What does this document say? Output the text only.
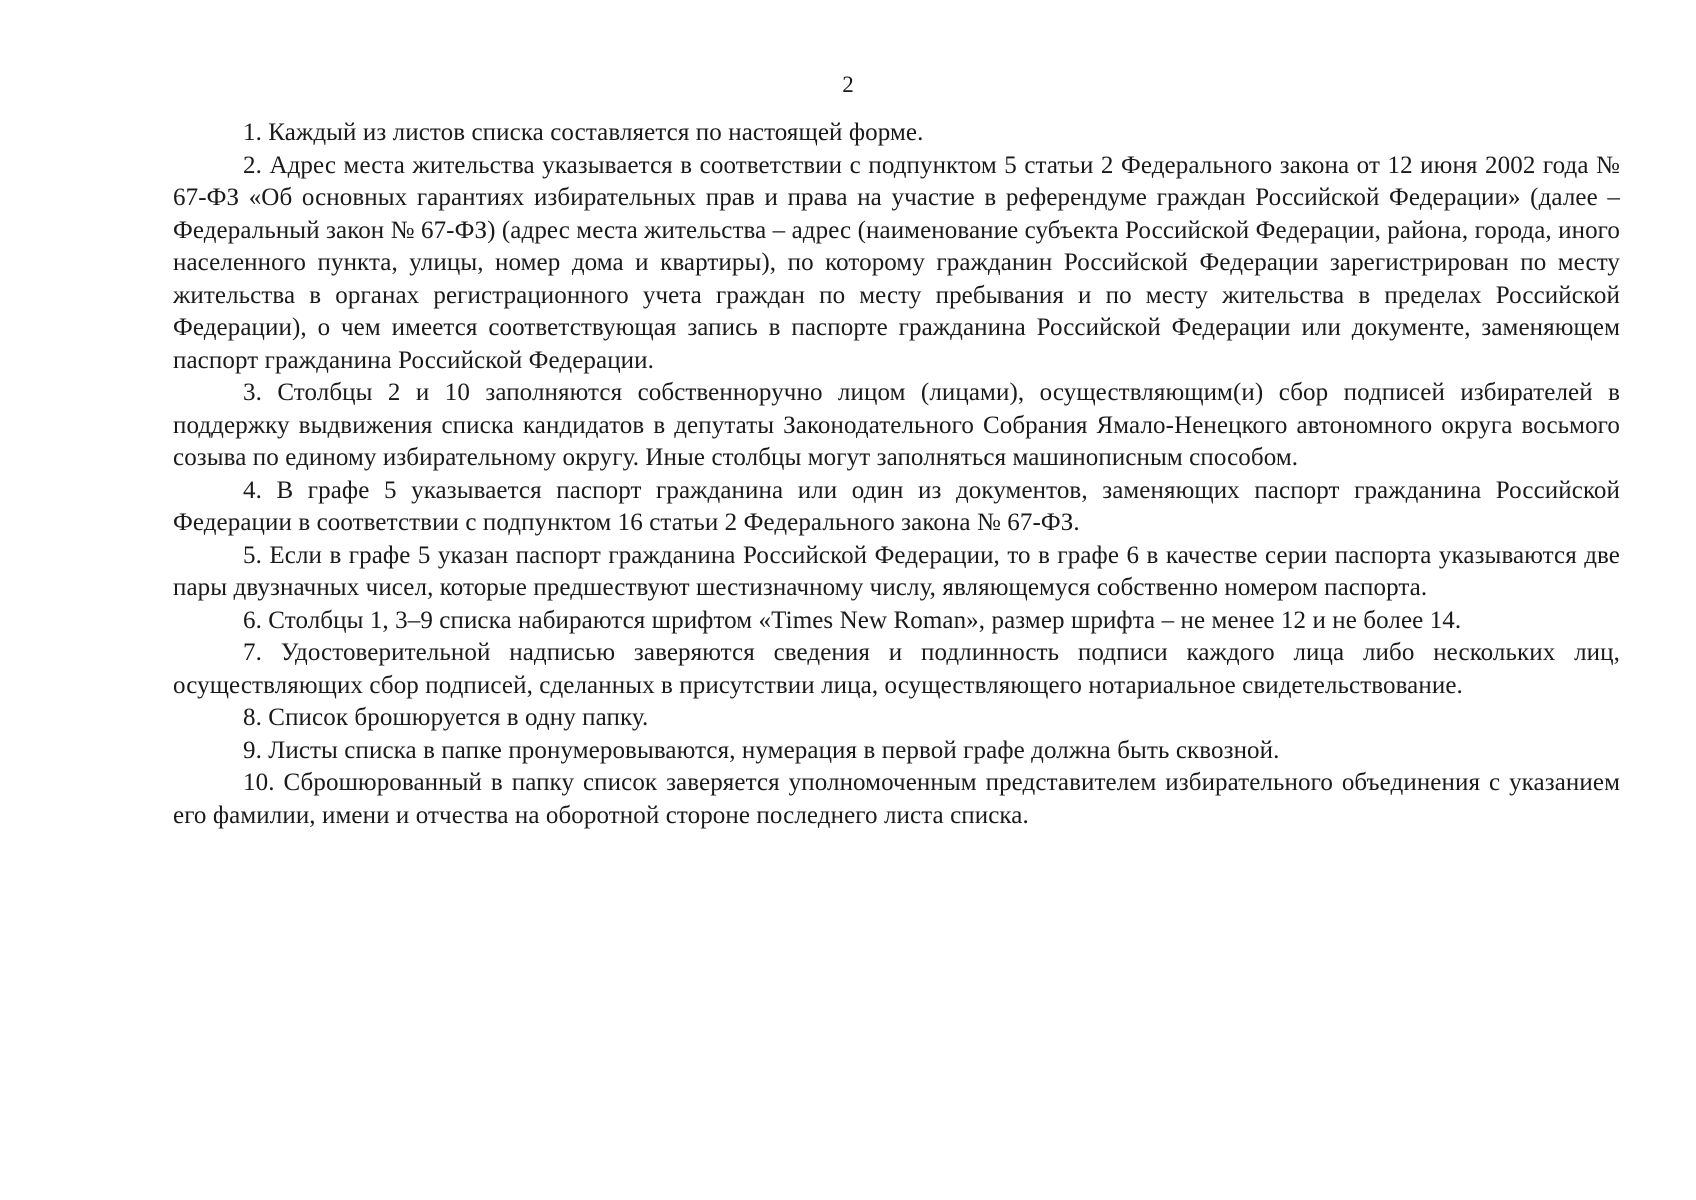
2

1. Каждый из листов списка составляется по настоящей форме.

2. Адрес места жительства указывается в соответствии с подпунктом 5 статьи 2 Федерального закона от 12 июня 2002 года № 67-ФЗ «Об основных гарантиях избирательных прав и права на участие в референдуме граждан Российской Федерации» (далее – Федеральный закон № 67-ФЗ) (адрес места жительства – адрес (наименование субъекта Российской Федерации, района, города, иного населенного пункта, улицы, номер дома и квартиры), по которому гражданин Российской Федерации зарегистрирован по месту жительства в органах регистрационного учета граждан по месту пребывания и по месту жительства в пределах Российской Федерации), о чем имеется соответствующая запись в паспорте гражданина Российской Федерации или документе, заменяющем паспорт гражданина Российской Федерации.

3. Столбцы 2 и 10 заполняются собственноручно лицом (лицами), осуществляющим(и) сбор подписей избирателей в поддержку выдвижения списка кандидатов в депутаты Законодательного Собрания Ямало-Ненецкого автономного округа восьмого созыва по единому избирательному округу. Иные столбцы могут заполняться машинописным способом.

4. В графе 5 указывается паспорт гражданина или один из документов, заменяющих паспорт гражданина Российской Федерации в соответствии с подпунктом 16 статьи 2 Федерального закона № 67-ФЗ.

5. Если в графе 5 указан паспорт гражданина Российской Федерации, то в графе 6 в качестве серии паспорта указываются две пары двузначных чисел, которые предшествуют шестизначному числу, являющемуся собственно номером паспорта.

6. Столбцы 1, 3–9 списка набираются шрифтом «Times New Roman», размер шрифта – не менее 12 и не более 14.

7. Удостоверительной надписью заверяются сведения и подлинность подписи каждого лица либо нескольких лиц, осуществляющих сбор подписей, сделанных в присутствии лица, осуществляющего нотариальное свидетельствование.

8. Список брошюруется в одну папку.

9. Листы списка в папке пронумеровываются, нумерация в первой графе должна быть сквозной.

10. Сброшюрованный в папку список заверяется уполномоченным представителем избирательного объединения с указанием его фамилии, имени и отчества на оборотной стороне последнего листа списка.
